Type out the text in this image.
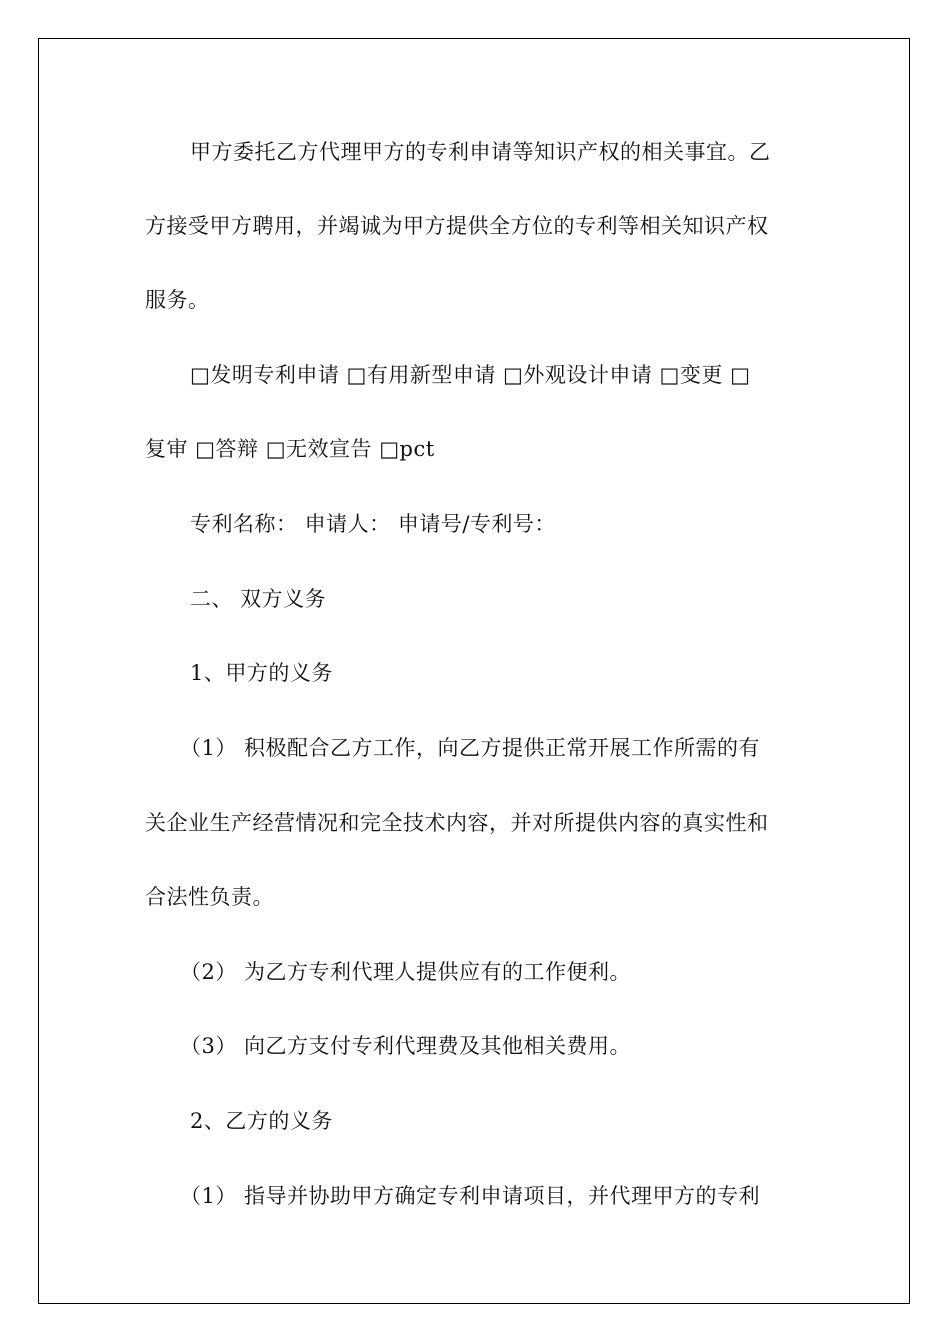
甲方委托乙方代理甲方的专利申请等知识产权的相关事宜。乙
方接受甲方聘用，并竭诚为甲方提供全方位的专利等相关知识产权
服务。
□发明专利申请 □有用新型申请 □外观设计申请 □变更 □
复审 □答辩 □无效宣告 □pct
专利名称： 申请人： 申请号/专利号：
二、 双方义务
1、甲方的义务
（1） 积极配合乙方工作，向乙方提供正常开展工作所需的有
关企业生产经营情况和完全技术内容，并对所提供内容的真实性和
合法性负责。
（2） 为乙方专利代理人提供应有的工作便利。
（3） 向乙方支付专利代理费及其他相关费用。
2、乙方的义务
（1） 指导并协助甲方确定专利申请项目，并代理甲方的专利
